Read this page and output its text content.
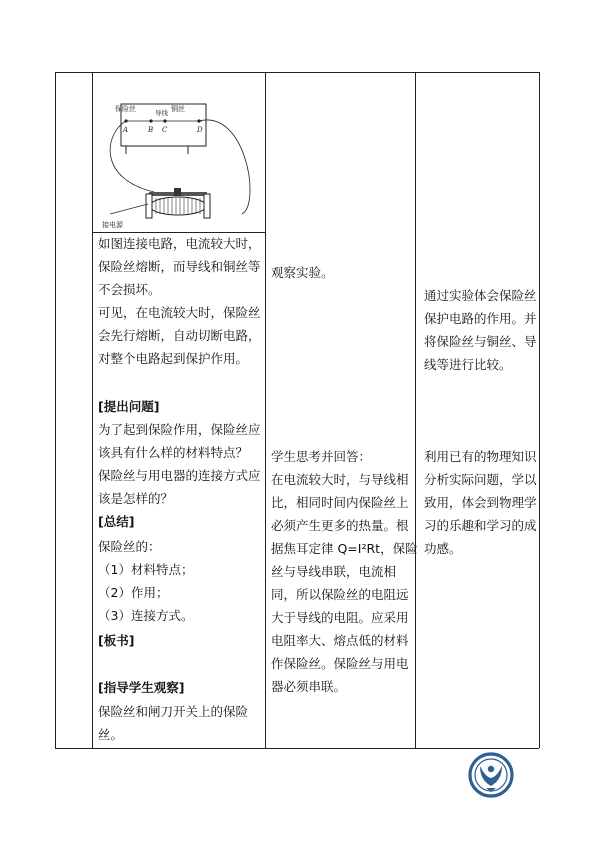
保险丝	导线 铜丝
A	B C	D
接电源
如图连接电路，电流较大时，
保险丝熔断，而导线和铜丝等
不会损坏。
可见，在电流较大时，保险丝
会先行熔断，自动切断电路，
对整个电路起到保护作用。
[提出问题]
为了起到保险作用，保险丝应
该具有什么样的材料特点？
保险丝与用电器的连接方式应
该是怎样的？
[总结]
保险丝的：
（1）材料特点；
（2）作用；
（3）连接方式。
[板书]
[指导学生观察]
保险丝和闸刀开关上的保险
丝。
观察实验。
学生思考并回答：
在电流较大时，与导线相
比，相同时间内保险丝上
必须产生更多的热量。根
据焦耳定律 Q=I²Rt，保险
丝与导线串联，电流相
同，所以保险丝的电阻远
大于导线的电阻。应采用
电阻率大、熔点低的材料
作保险丝。保险丝与用电
器必须串联。
通过实验体会保险丝
保护电路的作用。并
将保险丝与铜丝、导
线等进行比较。
利用已有的物理知识
分析实际问题，学以
致用，体会到物理学
习的乐趣和学习的成
功感。
